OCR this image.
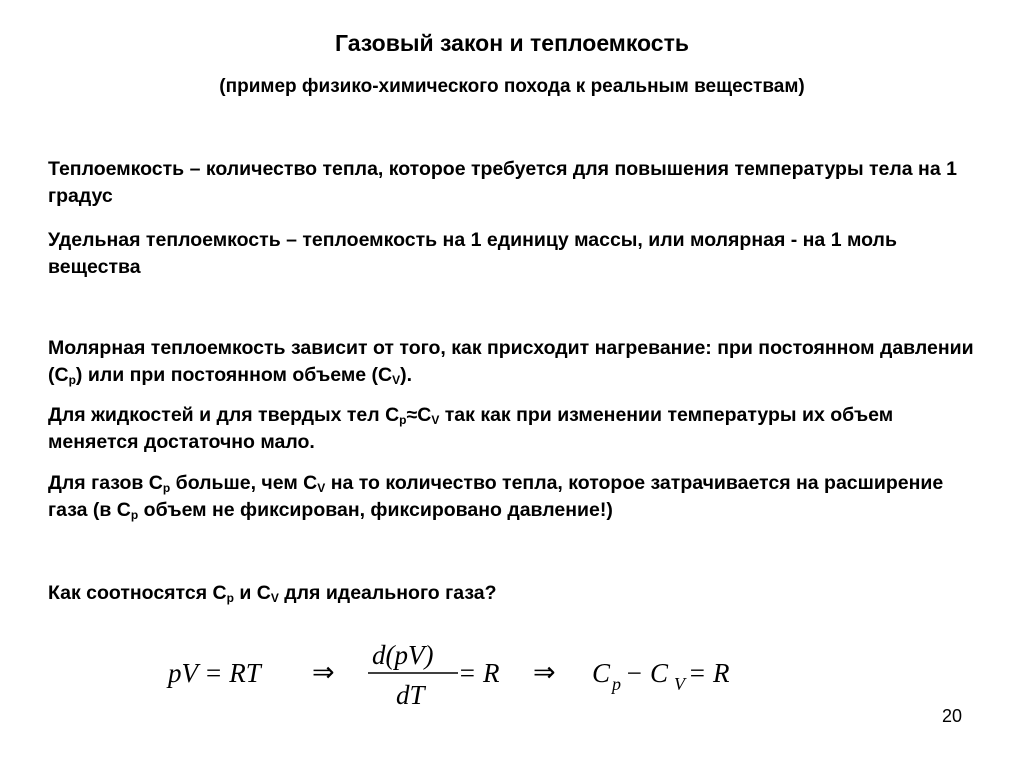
Газовый закон и теплоемкость
(пример физико-химического похода к реальным веществам)
Теплоемкость – количество тепла, которое требуется для повышения температуры тела на 1 градус
Удельная теплоемкость – теплоемкость на 1 единицу массы, или молярная - на 1 моль вещества
Молярная теплоемкость зависит от того, как присходит нагревание: при постоянном давлении $(C_p)$ или при постоянном объеме $(C_V)$.
Для жидкостей и для твердых тел $C_p\approx C_V$ так как при изменении температуры их объем меняется достаточно мало.
Для газов $C_p$ больше, чем $C_V$ на то количество тепла, которое затрачивается на расширение газа (в $C_p$ объем не фиксирован, фиксировано давление!)
Как соотносятся $C_p$ и $C_V$ для идеального газа?
pV = RT ⇒
d(pV)
dT
= R ⇒ C p − C V = R
20
